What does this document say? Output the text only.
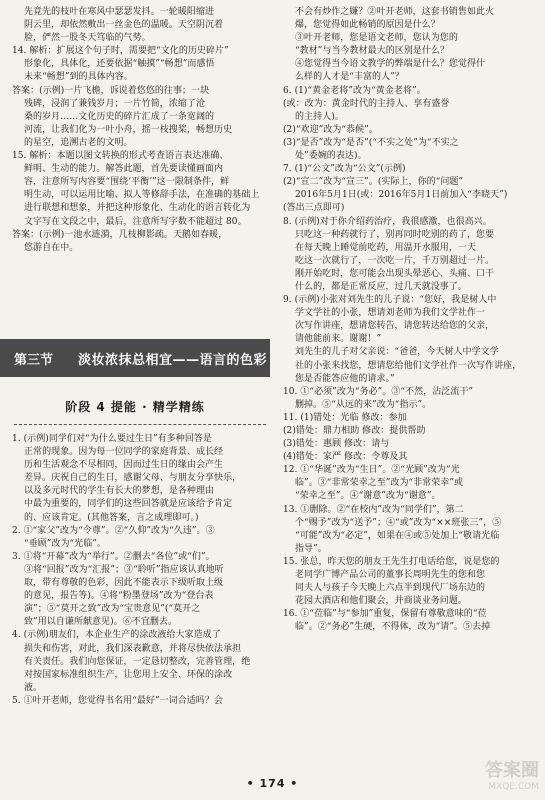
先竟先的枝叶在寒风中瑟瑟发抖。一轮暖阳缩进

阴云里，却依然敷出一丝金色的温暖。天空阴沉着

脸，俨然一股冬天笃临的气势。

14. 解析：扩展这个句子时，需要把“文化的历史碎片”

形象化，具体化，还要依据“触摸”“畅想”而感悟

未来“畅想”到的具体内容。

答案：(示例)一片飞檐，诉说着悠悠的往事；一块

残碑，浸润了兼钱岁月；一片竹简，浓缩了沧

桑的岁月……文化历史的碎片汇成了一条宽阔的

河流，让我们化为一叶小舟，摇一枝搜桨，畅想历史

的星空，追溯古老的文明。

15. 解析：本题以图文转换的形式考查语言表达准确、

鲜明、生动的能力。解答此题，首先要读懂画面内

容，注意所写内容要“围绕‘平衡’”这一限制条件，鲜

明生动，可以运用比喻、拟人等修辞手法，在准确的基础上

进行联想和想象，并把这种形象化、生动化的语言转化为

文字写在文段之中，最后，注意所写字数不能超过 80。

答案：(示例)一池水涟漪，几枝柳影疏。天鹅如春暖，

悠游自在中。

第三节 淡妆浓抹总相宜——语言的色彩
阶段 4 提能 · 精学精练

1. (示例)同学们对“为什么要过生日”有多种回答是

正常的现象。因为每一位同学的家庭背景、成长经

历和生活观念不尽相同，因而过生日的缘由会产生

差异。庆祝自己的生日，感谢父母、与朋友分享快乐，

以及多元时代的学生有长大的梦想，是各种理由

中最为重要的，同学们的这些回答就是应该给予肯定

的、应该肯定。(其他答案，言之成理即可。)

2. ①“家父”改为“令尊”。②“久仰”改为“久违”。③

“垂顾”改为“光临”。

3. ①将“开幕”改为“举行”。②删去“各位”或“们”。

③将“回报”改为“汇报”；③“聆听”指应该认真地听

取，带有尊敬的色彩，因此不能表示下级听取上级

的意见，报告等)。④将“粉墨登场”改为“登台表

演”；⑤“莫开之致”改为“宝贵意见”(“莫开之

致”用以自谦所献意见)。⑥不宜删去。

4. (示例)朋友们，本企业生产的涂改液给大家造成了

损失和伤害，对此，我们深表歉意，并将尽快依法承担

有关责任。我们向您保证，一定恳切整改，完善管理，绝

对按国家标准组织生产，让您用上安全、环保的涂改

液。

5. ①叶开老师，您觉得书名用“最好”一词合适吗？会

不会有炒作之嫌？②叶开老师，这套书销售如此火

爆，您觉得如此畅销的原因是什么？

③叶开老师，您是语文老师，您认为您的

“教材”与当今教材最大的区别是什么？

④您觉得当今语文教学的弊端是什么？您觉得什

么样的人才是“丰富的人”？

6. (1)“黄金老将”改为“黄金老将”。

(或：改为：黄金时代的主持人、享有盛誉

的主持人)。

(2)“欢迎”改为“恭候”。

(3)“是否”改为“是否”(“不实之处”为“不实之

处”委婉的表达)。

7. (1)“公文”改为“公文”(示例)

(2)“宣二”改为“宣三”。(实际上，你的“问题”

2016年5月1日(或：2016年5月1日前加入“李晓天”)

(答出三点即可)

8. (示例)对于你介绍药治疗，我很感激，也很高兴。

只吃这一种药就行了，别再同时吃别的药了，您要

在每天晚上睡觉前吃药，用温开水服用，一天

吃这一次就行了，一次吃一片，千万别超过一片。

刚开始吃时，您可能会出现头晕恶心、头痛、口干

什么的，都是正常反应，过几天就没事了。

9. (示例)小张对刘先生的儿子说：“您好，我是树人中

学文学社的小张，想请刘老师为我们文学社作一

次写作讲座，想请您转告，请您转达给您的父亲，

请他能前来。谢谢！”

刘先生的儿子对父亲说：“爸爸，今天树人中学文学

社的小张来找您，想请您给他们文学社作一次写作讲座，

您是否能答应他的请求。”

10. ①“必须”改为“务必”。③“不然，沾泛流干”

删掉。⑤“从远的来”改为“指示”。

11. (1)错处：光临 修改：参加

(2)错处：鼎力相助 修改：提供帮助

(3)错处：惠顾 修改：请与

(4)错处：家严 修改：令尊及其

12. ①“华诞”改为“生日”。②“光顾”改为“光

临”。③“非常荣幸之至”改为“非常荣幸”或

“荣幸之至”。④“谢意”改为“谢意”。

13. ①删除。②“在校内”改为“同学们”，第二

个“赐予”改为“送予”；④“或”改为“××班张三”，⑤

“可能”改为“必定”，如果在④或⑤处加上“敬请光临

指导”。

15. 张总，昨天您的朋友王先生打电话给您，说是您的

老同学广博产品公司的董事长周明先生的您和您

同夫人与孩子今天晚上六点半到现代厂场东边的

花园大酒店和他们聚会，并商谈业务问题。

16. ①“莅临”与“参加”重复，保留有尊敬意味的“莅

临”。②“务必”生硬，不得体，改为“请”。⑤去掉

• 174 •
答案圈
MXQE.COM
